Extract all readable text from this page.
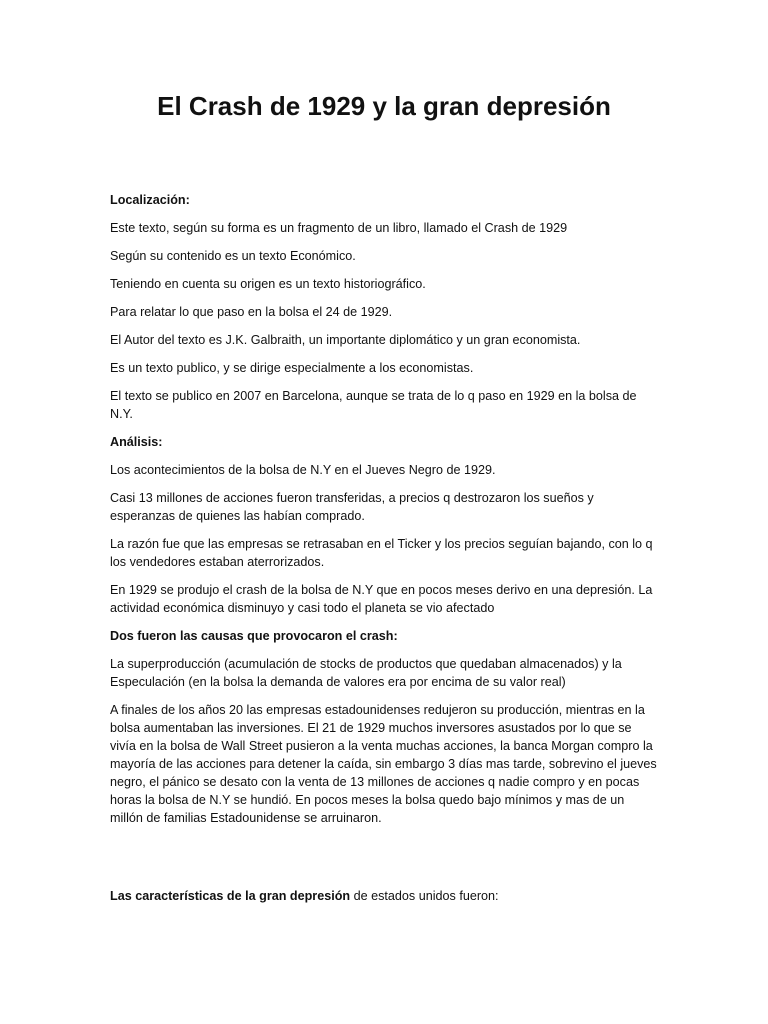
El Crash de 1929 y la gran depresión

Localización:

Este texto, según su forma es un fragmento de un libro, llamado el Crash de 1929

Según su contenido es un texto Económico.

Teniendo en cuenta su origen es un texto historiográfico.

Para relatar lo que paso en la bolsa el 24 de 1929.

El Autor del texto es J.K. Galbraith, un importante diplomático y un gran economista.

Es un texto publico, y se dirige especialmente a los economistas.

El texto se publico en 2007 en Barcelona, aunque se trata de lo q paso en 1929 en la bolsa de N.Y.

Análisis:

Los acontecimientos de la bolsa de N.Y en el Jueves Negro de 1929.

Casi 13 millones de acciones fueron transferidas, a precios q destrozaron los sueños y esperanzas de quienes las habían comprado.

La razón fue que las empresas se retrasaban en el Ticker y los precios seguían bajando, con lo q los vendedores estaban aterrorizados.

En 1929 se produjo el crash de la bolsa de N.Y que en pocos meses derivo en una depresión. La actividad económica disminuyo y casi todo el planeta se vio afectado

Dos fueron las causas que provocaron el crash:

La superproducción (acumulación de stocks de productos que quedaban almacenados) y la Especulación (en la bolsa la demanda de valores era por encima de su valor real)

A finales de los años 20 las empresas estadounidenses redujeron su producción, mientras en la bolsa aumentaban las inversiones. El 21 de 1929 muchos inversores asustados por lo que se vivía en la bolsa de Wall Street pusieron a la venta muchas acciones, la banca Morgan compro la mayoría de las acciones para detener la caída, sin embargo 3 días mas tarde, sobrevino el jueves negro, el pánico se desato con la venta de 13 millones de acciones q nadie compro y en pocas horas la bolsa de N.Y se hundió. En pocos meses la bolsa quedo bajo mínimos y mas de un millón de familias Estadounidense se arruinaron.

Las características de la gran depresión de estados unidos fueron:
